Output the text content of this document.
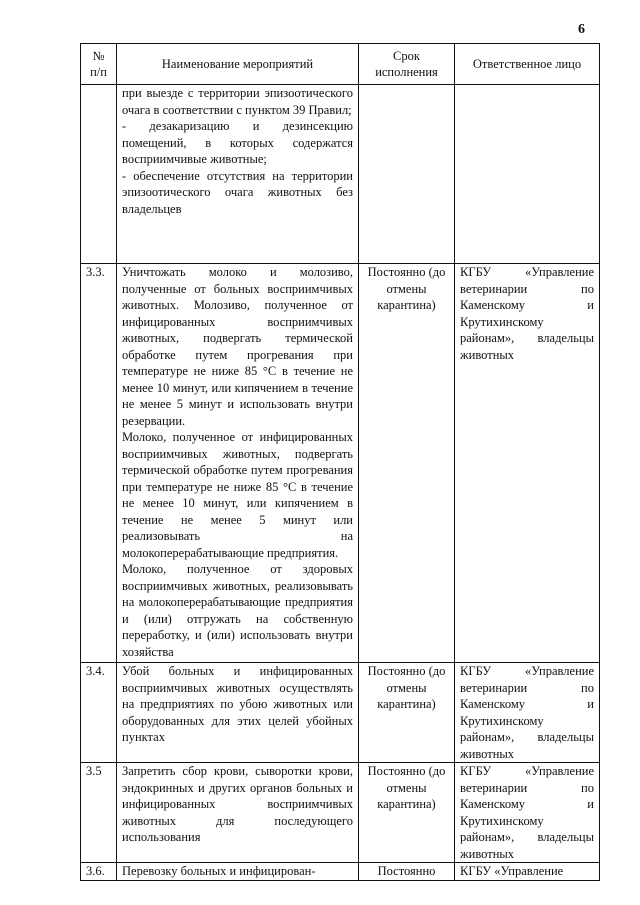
6
№ п/п	Наименование мероприятий	Срок исполнения	Ответственное лицо

	при выезде с территории эпизоотического очага в соответствии с пунктом 39 Правил;
- дезакаризацию и дезинсекцию помещений, в которых содержатся восприимчивые животные;
- обеспечение отсутствия на территории эпизоотического очага животных без владельцев		

3.3.	Уничтожать молоко и молозиво, полученные от больных восприимчивых животных. Молозиво, полученное от инфицированных восприимчивых животных, подвергать термической обработке путем прогревания при температуре не ниже 85 °С в течение не менее 10 минут, или кипячением в течение не менее 5 минут и использовать внутри резервации.
Молоко, полученное от инфицированных восприимчивых животных, подвергать термической обработке путем прогревания при температуре не ниже 85 °С в течение не менее 10 минут, или кипячением в течение не менее 5 минут или реализовывать на молокоперерабатывающие предприятия.
Молоко, полученное от здоровых восприимчивых животных, реализовывать на молокоперерабатывающие предприятия и (или) отгружать на собственную переработку, и (или) использовать внутри хозяйства	Постоянно (до отмены карантина)	КГБУ «Управление ветеринарии по Каменскому и Крутихинскому районам», владельцы животных
3.4.	Убой больных и инфицированных восприимчивых животных осуществлять на предприятиях по убою животных или оборудованных для этих целей убойных пунктах	Постоянно (до отмены карантина)	КГБУ «Управление ветеринарии по Каменскому и Крутихинскому районам», владельцы животных
3.5	Запретить сбор крови, сыворотки крови, эндокринных и других органов больных и инфицированных восприимчивых животных для последующего использования	Постоянно (до отмены карантина)	КГБУ «Управление ветеринарии по Каменскому и Крутихинскому районам», владельцы животных
3.6.	Перевозку больных и инфицирован-	Постоянно	КГБУ «Управление
